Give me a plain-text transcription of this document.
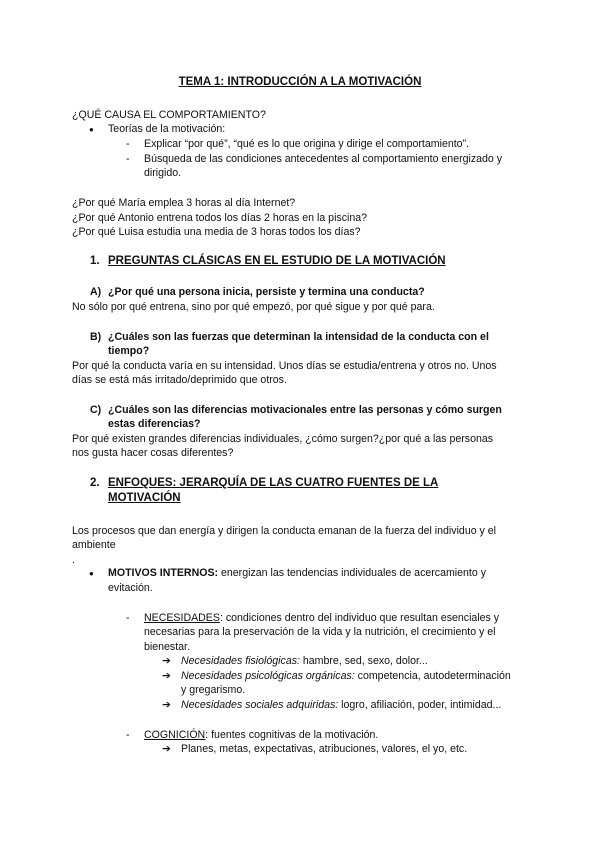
TEMA 1: INTRODUCCIÓN A LA MOTIVACIÓN
¿QUÉ CAUSA EL COMPORTAMIENTO?
● Teorías de la motivación:
- Explicar “por qué”, “qué es lo que origina y dirige el comportamiento”.
- Búsqueda de las condiciones antecedentes al comportamiento energizado y
dirigido.
¿Por qué María emplea 3 horas al día Internet?
¿Por qué Antonio entrena todos los días 2 horas en la piscina?
¿Por qué Luisa estudia una media de 3 horas todos los días?
1. PREGUNTAS CLÁSICAS EN EL ESTUDIO DE LA MOTIVACIÓN
A) ¿Por qué una persona inicia, persiste y termina una conducta?
No sólo por qué entrena, sino por qué empezó, por qué sigue y por qué para.
B) ¿Cuáles son las fuerzas que determinan la intensidad de la conducta con el
tiempo?
Por qué la conducta varía en su intensidad. Unos días se estudia/entrena y otros no. Unos
días se está más irritado/deprimido que otros.
C) ¿Cuáles son las diferencias motivacionales entre las personas y cómo surgen
estas diferencias?
Por qué existen grandes diferencias individuales, ¿cómo surgen?¿por qué a las personas
nos gusta hacer cosas diferentes?
2. ENFOQUES: JERARQUÍA DE LAS CUATRO FUENTES DE LA
MOTIVACIÓN
Los procesos que dan energía y dirigen la conducta emanan de la fuerza del individuo y el
ambiente
.
● MOTIVOS INTERNOS: energizan las tendencias individuales de acercamiento y
evitación.
- NECESIDADES: condiciones dentro del individuo que resultan esenciales y
necesarias para la preservación de la vida y la nutrición, el crecimiento y el
bienestar.
➔ Necesidades fisiológicas: hambre, sed, sexo, dolor...
➔ Necesidades psicológicas orgánicas: competencia, autodeterminación
y gregarismo.
➔ Necesidades sociales adquiridas: logro, afiliación, poder, intimidad...
- COGNICIÓN: fuentes cognitivas de la motivación.
➔ Planes, metas, expectativas, atribuciones, valores, el yo, etc.
